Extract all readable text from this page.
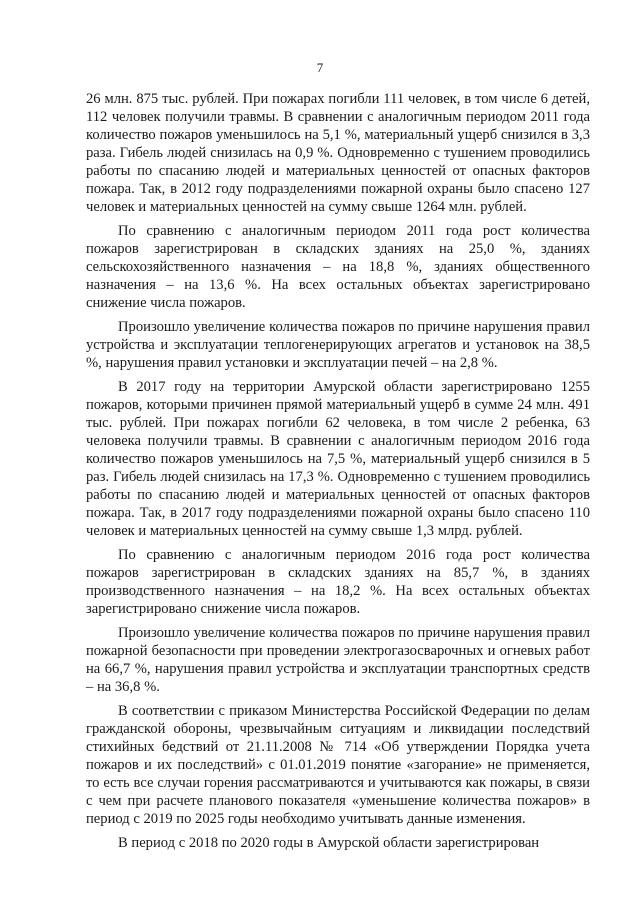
7

26 млн. 875 тыс. рублей. При пожарах погибли 111 человек, в том числе 6 детей, 112 человек получили травмы. В сравнении с аналогичным периодом 2011 года количество пожаров уменьшилось на 5,1 %, материальный ущерб снизился в 3,3 раза. Гибель людей снизилась на 0,9 %. Одновременно с тушением проводились работы по спасанию людей и материальных ценностей от опасных факторов пожара. Так, в 2012 году подразделениями пожарной охраны было спасено 127 человек и материальных ценностей на сумму свыше 1264 млн. рублей.

По сравнению с аналогичным периодом 2011 года рост количества пожаров зарегистрирован в складских зданиях на 25,0 %, зданиях сельскохозяйственного назначения – на 18,8 %, зданиях общественного назначения – на 13,6 %. На всех остальных объектах зарегистрировано снижение числа пожаров.

Произошло увеличение количества пожаров по причине нарушения правил устройства и эксплуатации теплогенерирующих агрегатов и установок на 38,5 %, нарушения правил установки и эксплуатации печей – на 2,8 %.

В 2017 году на территории Амурской области зарегистрировано 1255 пожаров, которыми причинен прямой материальный ущерб в сумме 24 млн. 491 тыс. рублей. При пожарах погибли 62 человека, в том числе 2 ребенка, 63 человека получили травмы. В сравнении с аналогичным периодом 2016 года количество пожаров уменьшилось на 7,5 %, материальный ущерб снизился в 5 раз. Гибель людей снизилась на 17,3 %. Одновременно с тушением проводились работы по спасанию людей и материальных ценностей от опасных факторов пожара. Так, в 2017 году подразделениями пожарной охраны было спасено 110 человек и материальных ценностей на сумму свыше 1,3 млрд. рублей.

По сравнению с аналогичным периодом 2016 года рост количества пожаров зарегистрирован в складских зданиях на 85,7 %, в зданиях производственного назначения – на 18,2 %. На всех остальных объектах зарегистрировано снижение числа пожаров.

Произошло увеличение количества пожаров по причине нарушения правил пожарной безопасности при проведении электрогазосварочных и огневых работ на 66,7 %, нарушения правил устройства и эксплуатации транспортных средств – на 36,8 %.

В соответствии с приказом Министерства Российской Федерации по делам гражданской обороны, чрезвычайным ситуациям и ликвидации последствий стихийных бедствий от 21.11.2008 № 714 «Об утверждении Порядка учета пожаров и их последствий» с 01.01.2019 понятие «загорание» не применяется, то есть все случаи горения рассматриваются и учитываются как пожары, в связи с чем при расчете планового показателя «уменьшение количества пожаров» в период с 2019 по 2025 годы необходимо учитывать данные изменения.

В период с 2018 по 2020 годы в Амурской области зарегистрирован
